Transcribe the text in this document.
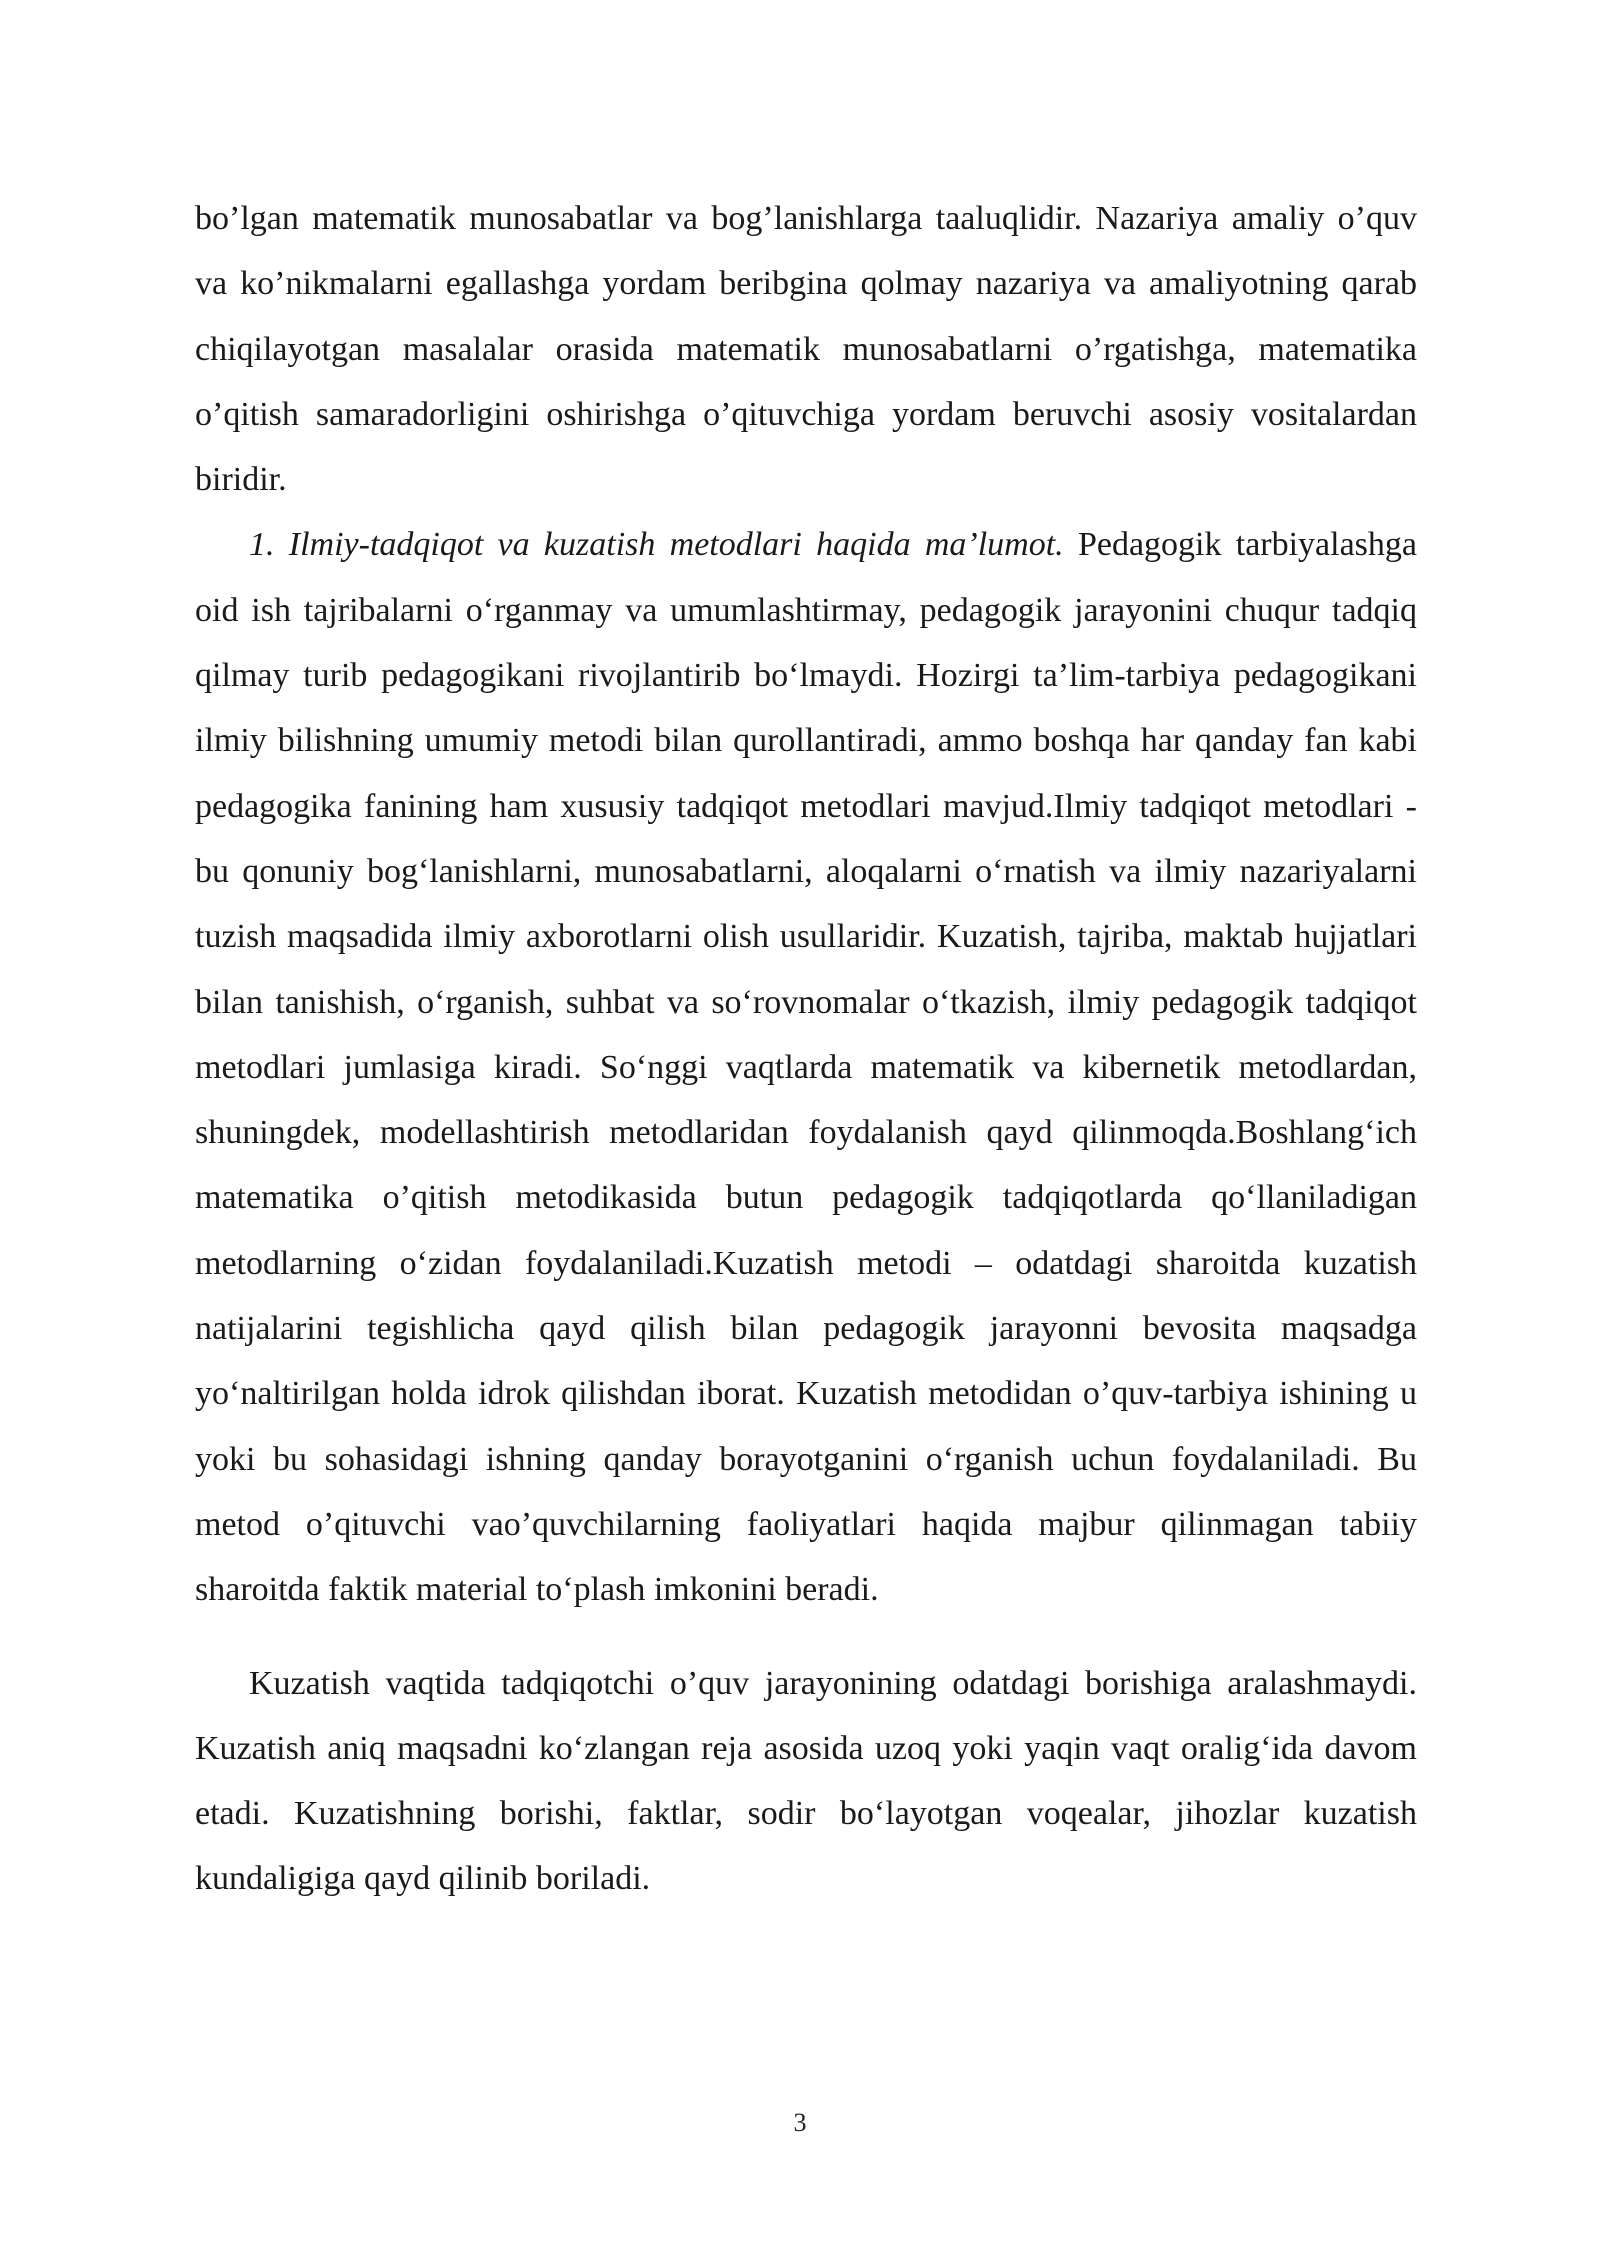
bo’lgan matematik munosabatlar va bog’lanishlarga taaluqlidir. Nazariya amaliy o’quv va ko’nikmalarni egallashga yordam beribgina qolmay nazariya va amaliyotning qarab chiqilayotgan masalalar orasida matematik munosabatlarni o’rgatishga, matematika o’qitish samaradorligini oshirishga o’qituvchiga yordam beruvchi asosiy vositalardan biridir.

1. Ilmiy-tadqiqot va kuzatish metodlari haqida ma’lumot. Pedagogik tarbiyalashga oid ish tajribalarni oʻrganmay va umumlashtirmay, pedagogik jarayonini chuqur tadqiq qilmay turib pedagogikani rivojlantirib boʻlmaydi. Hozirgi ta’lim-tarbiya pedagogikani ilmiy bilishning umumiy metodi bilan qurollantiradi, ammo boshqa har qanday fan kabi pedagogika fanining ham xususiy tadqiqot metodlari mavjud.Ilmiy tadqiqot metodlari - bu qonuniy bogʻlanishlarni, munosabatlarni, aloqalarni oʻrnatish va ilmiy nazariyalarni tuzish maqsadida ilmiy axborotlarni olish usullaridir. Kuzatish, tajriba, maktab hujjatlari bilan tanishish, oʻrganish, suhbat va soʻrovnomalar oʻtkazish, ilmiy pedagogik tadqiqot metodlari jumlasiga kiradi. Soʻnggi vaqtlarda matematik va kibernetik metodlardan, shuningdek, modellashtirish metodlaridan foydalanish qayd qilinmoqda.Boshlangʻich matematika o’qitish metodikasida butun pedagogik tadqiqotlarda qoʻllaniladigan metodlarning oʻzidan foydalaniladi.Kuzatish metodi – odatdagi sharoitda kuzatish natijalarini tegishlicha qayd qilish bilan pedagogik jarayonni bevosita maqsadga yoʻnaltirilgan holda idrok qilishdan iborat. Kuzatish metodidan o’quv-tarbiya ishining u yoki bu sohasidagi ishning qanday borayotganini oʻrganish uchun foydalaniladi. Bu metod o’qituvchi vao’quvchilarning faoliyatlari haqida majbur qilinmagan tabiiy sharoitda faktik material toʻplash imkonini beradi.

Kuzatish vaqtida tadqiqotchi o’quv jarayonining odatdagi borishiga aralashmaydi. Kuzatish aniq maqsadni koʻzlangan reja asosida uzoq yoki yaqin vaqt oraligʻida davom etadi. Kuzatishning borishi, faktlar, sodir boʻlayotgan voqealar, jihozlar kuzatish kundaligiga qayd qilinib boriladi.

3
